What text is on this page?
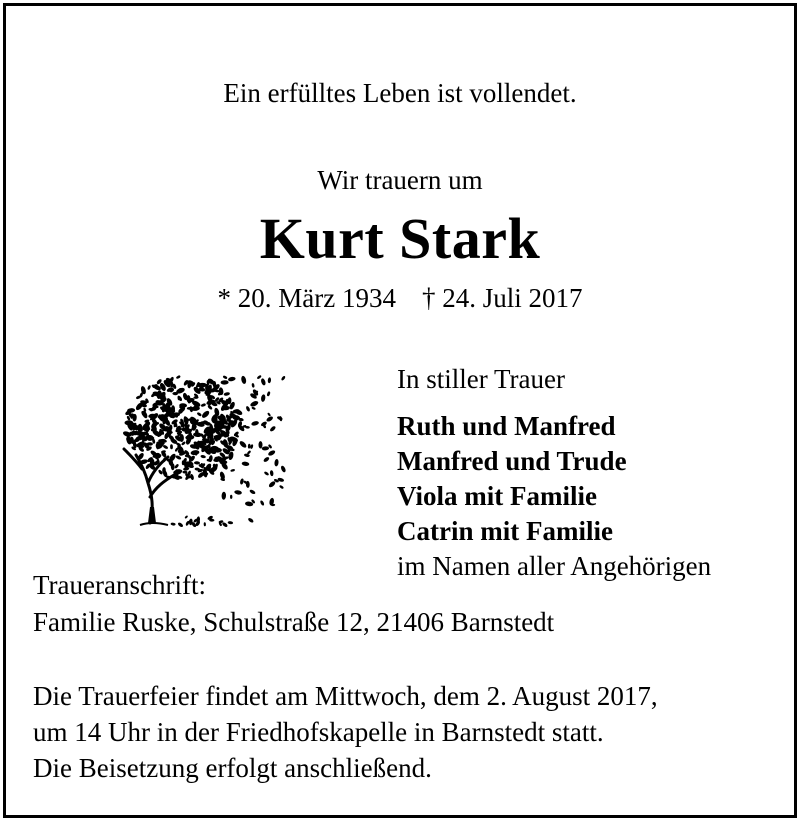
Ein erfülltes Leben ist vollendet.
Wir trauern um
Kurt Stark
* 20. März 1934 † 24. Juli 2017
In stiller Trauer
Ruth und Manfred
Manfred und Trude
Viola mit Familie
Catrin mit Familie
im Namen aller Angehörigen
Traueranschrift:
Familie Ruske, Schulstraße 12, 21406 Barnstedt
Die Trauerfeier findet am Mittwoch, dem 2. August 2017,
um 14 Uhr in der Friedhofskapelle in Barnstedt statt.
Die Beisetzung erfolgt anschließend.
